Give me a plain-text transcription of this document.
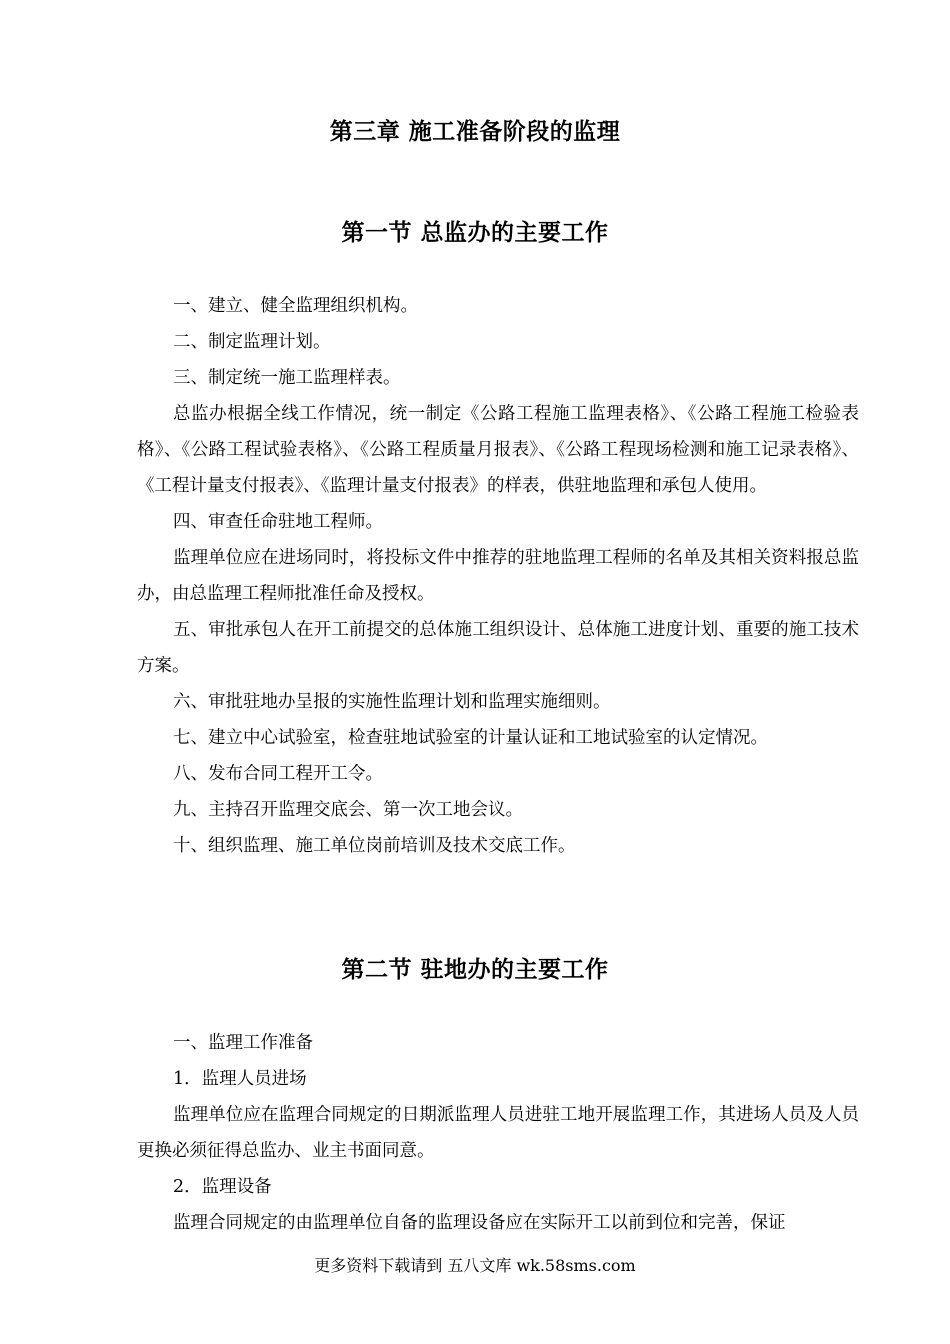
第三章 施工准备阶段的监理
第一节 总监办的主要工作

一、建立、健全监理组织机构。

二、制定监理计划。

三、制定统一施工监理样表。

总监办根据全线工作情况，统一制定《公路工程施工监理表格》、《公路工程施工检验表格》、《公路工程试验表格》、《公路工程质量月报表》、《公路工程现场检测和施工记录表格》、《工程计量支付报表》、《监理计量支付报表》的样表，供驻地监理和承包人使用。

四、审查任命驻地工程师。

监理单位应在进场同时，将投标文件中推荐的驻地监理工程师的名单及其相关资料报总监办，由总监理工程师批准任命及授权。

五、审批承包人在开工前提交的总体施工组织设计、总体施工进度计划、重要的施工技术方案。

六、审批驻地办呈报的实施性监理计划和监理实施细则。

七、建立中心试验室，检查驻地试验室的计量认证和工地试验室的认定情况。

八、发布合同工程开工令。

九、主持召开监理交底会、第一次工地会议。

十、组织监理、施工单位岗前培训及技术交底工作。

第二节 驻地办的主要工作

一、监理工作准备

1．监理人员进场

监理单位应在监理合同规定的日期派监理人员进驻工地开展监理工作，其进场人员及人员更换必须征得总监办、业主书面同意。

2．监理设备

监理合同规定的由监理单位自备的监理设备应在实际开工以前到位和完善，保证

更多资料下载请到 五八文库 wk.58sms.com
